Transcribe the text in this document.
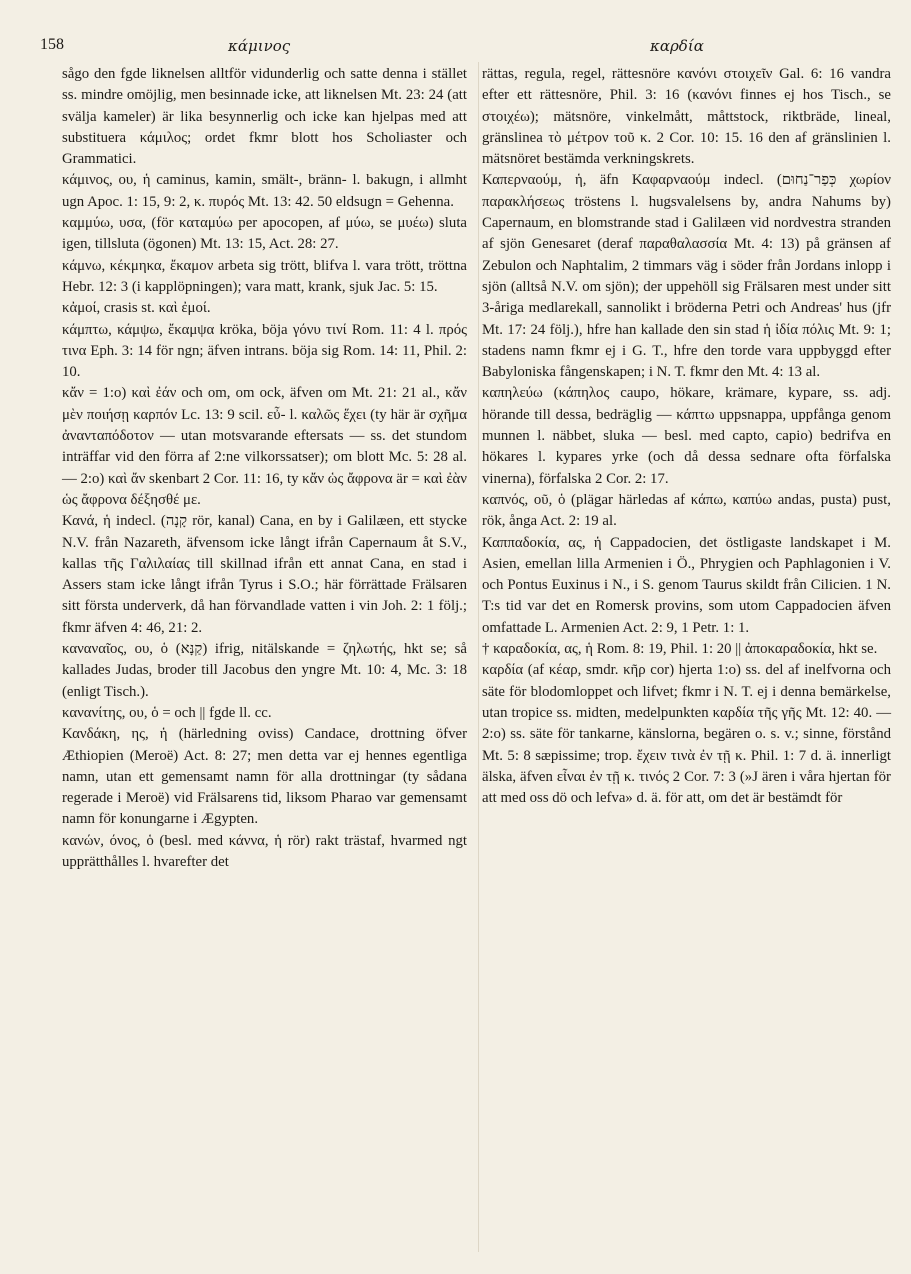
158	κάμινος	καρδία

sågo den fgde liknelsen alltför vidunderlig och satte denna i stället ss. mindre omöjlig, men besinnade icke, att liknelsen Mt. 23: 24 (att svälja kameler) är lika besynnerlig och icke kan hjelpas med att substituera κάμιλος; ordet fkmr blott hos Scholiaster och Grammatici.

κάμινος, ου, ἡ caminus, kamin, smält-, bränn- l. bakugn, i allmht ugn Apoc. 1: 15, 9: 2, κ. πυρός Mt. 13: 42. 50 eldsugn = Gehenna.

καμμύω, υσα, (för καταμύω per apocopen, af μύω, se μυέω) sluta igen, tillsluta (ögonen) Mt. 13: 15, Act. 28: 27.

κάμνω, κέκμηκα, ἔκαμον arbeta sig trött, blifva l. vara trött, tröttna Hebr. 12: 3 (i kapplöpningen); vara matt, krank, sjuk Jac. 5: 15.

κἀμοί, crasis st. καὶ ἐμοί.

κάμπτω, κάμψω, ἔκαμψα kröka, böja γόνυ τινί Rom. 11: 4 l. πρός τινα Eph. 3: 14 för ngn; äfven intrans. böja sig Rom. 14: 11, Phil. 2: 10.

κἄν = 1:o) καὶ ἐάν och om, om ock, äfven om Mt. 21: 21 al., κἄν μὲν ποιήσῃ καρπόν Lc. 13: 9 scil. εὖ- l. καλῶς ἕχει (ty här är σχῆμα ἀνανταπόδοτον — utan motsvarande eftersats — ss. det stundom inträffar vid den förra af 2:ne vilkorssatser); om blott Mc. 5: 28 al. — 2:o) καὶ ἄν skenbart 2 Cor. 11: 16, ty κἄν ὡς ἄφρονα är = καὶ ἐὰν ὡς ἄφρονα δέξησθέ με.

Κανά, ἡ indecl. (קָנָה rör, kanal) Cana, en by i Galilæen, ett stycke N.V. från Nazareth, äfvensom icke långt ifrån Capernaum åt S.V., kallas τῆς Γαλιλαίας till skillnad ifrån ett annat Cana, en stad i Assers stam icke långt ifrån Tyrus i S.O.; här förrättade Frälsaren sitt första underverk, då han förvandlade vatten i vin Joh. 2: 1 följ.; fkmr äfven 4: 46, 21: 2.

κανανα̃ιος, ου, ὁ (קַנָּא) ifrig, nitälskande = ζηλωτής, hkt se; så kallades Judas, broder till Jacobus den yngre Mt. 10: 4, Mc. 3: 18 (enligt Tisch.).

κανανίτης, ου, ὁ = och || fgde ll. cc.

Κανδάκη, ης, ἡ (härledning oviss) Candace, drottning öfver Æthiopien (Meroë) Act. 8: 27; men detta var ej hennes egentliga namn, utan ett gemensamt namn för alla drottningar (ty sådana regerade i Meroë) vid Frälsarens tid, liksom Pharao var gemensamt namn för konungarne i Ægypten.

κανών, όνος, ὁ (besl. med κάννα, ἡ rör) rakt trästaf, hvarmed ngt upprätthålles l. hvarefter det

rättas, regula, regel, rättesnöre κανόνι στοιχεῖν Gal. 6: 16 vandra efter ett rättesnöre, Phil. 3: 16 (κανόνι finnes ej hos Tisch., se στοιχέω); mätsnöre, vinkelmått, måttstock, riktbräde, lineal, gränslinea τὸ μέτρον τοῦ κ. 2 Cor. 10: 15. 16 den af gränslinien l. mätsnöret bestämda verkningskrets.

Καπερναούμ, ἡ, äfn Καφαρναούμ indecl. (כְּפַר־נַחוּם χωρίον παρακλήσεως tröstens l. hugsvalelsens by, andra Nahums by) Capernaum, en blomstrande stad i Galilæen vid nordvestra stranden af sjön Genesaret (deraf παραθαλασσία Mt. 4: 13) på gränsen af Zebulon och Naphtalim, 2 timmars väg i söder från Jordans inlopp i sjön (alltså N.V. om sjön); der uppehöll sig Frälsaren mest under sitt 3-åriga medlarekall, sannolikt i bröderna Petri och Andreas' hus (jfr Mt. 17: 24 följ.), hfre han kallade den sin stad ἡ ἰδία πόλις Mt. 9: 1; stadens namn fkmr ej i G. T., hfre den torde vara uppbyggd efter Babyloniska fångenskapen; i N. T. fkmr den Mt. 4: 13 al.

καπηλεύω (κάπηλος caupo, hökare, krämare, kypare, ss. adj. hörande till dessa, bedräglig — κάπτω uppsnappa, uppfånga genom munnen l. näbbet, sluka — besl. med capto, capio) bedrifva en hökares l. kypares yrke (och då dessa sednare ofta förfalska vinerna), förfalska 2 Cor. 2: 17.

καπνός, οῦ, ὁ (plägar härledas af κάπω, καπύω andas, pusta) pust, rök, ånga Act. 2: 19 al.

Καππαδοκία, ας, ἡ Cappadocien, det östligaste landskapet i M. Asien, emellan lilla Armenien i Ö., Phrygien och Paphlagonien i V. och Pontus Euxinus i N., i S. genom Taurus skildt från Cilicien. 1 N. T:s tid var det en Romersk provins, som utom Cappadocien äfven omfattade L. Armenien Act. 2: 9, 1 Petr. 1: 1.

† καραδοκία, ας, ἡ Rom. 8: 19, Phil. 1: 20 || ἀποκαραδοκία, hkt se.

καρδία (af κέαρ, smdr. κῆρ cor) hjerta 1:o) ss. del af inelfvorna och säte för blodomloppet och lifvet; fkmr i N. T. ej i denna bemärkelse, utan tropice ss. midten, medelpunkten καρδία τῆς γῆς Mt. 12: 40. — 2:o) ss. säte för tankarne, känslorna, begären o. s. v.; sinne, förstånd Mt. 5: 8 sæpissime; trop. ἔχειν τινὰ ἐν τῇ κ. Phil. 1: 7 d. ä. innerligt älska, äfven εἶναι ἐν τῇ κ. τινός 2 Cor. 7: 3 (»J ären i våra hjertan för att med oss dö och lefva» d. ä. för att, om det är bestämdt för
